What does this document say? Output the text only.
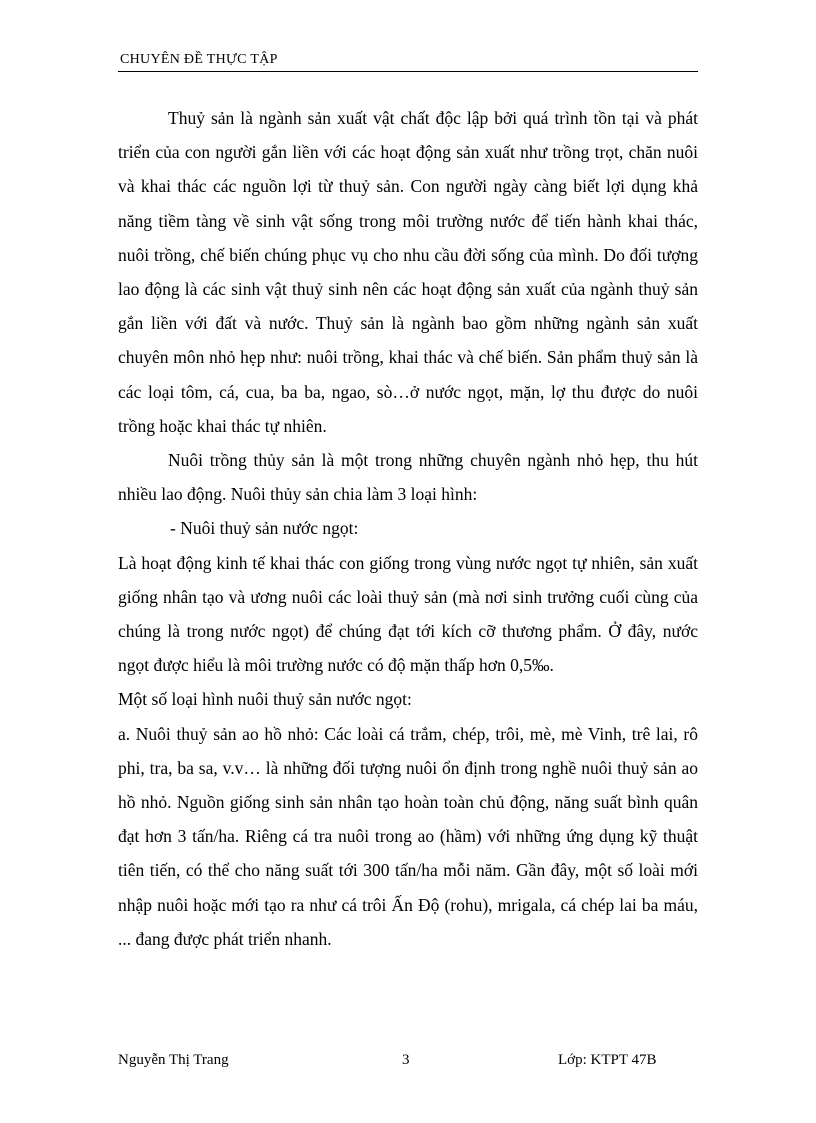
CHUYÊN ĐỀ THỰC TẬP

Thuỷ sản là ngành sản xuất vật chất độc lập bởi quá trình tồn tại và phát triển của con người gắn liền với các hoạt động sản xuất như trồng trọt, chăn nuôi và khai thác các nguồn lợi từ thuỷ sản. Con người ngày càng biết lợi dụng khả năng tiềm tàng về sinh vật sống trong môi trường nước để tiến hành khai thác, nuôi trồng, chế biến chúng phục vụ cho nhu cầu đời sống của mình. Do đối tượng lao động là các sinh vật thuỷ sinh nên các hoạt động sản xuất của ngành thuỷ sản gắn liền với đất và nước. Thuỷ sản là ngành bao gồm những ngành sản xuất chuyên môn nhỏ hẹp như: nuôi trồng, khai thác và chế biến. Sản phẩm thuỷ sản là các loại tôm, cá, cua, ba ba, ngao, sò…ở nước ngọt, mặn, lợ thu được do nuôi trồng hoặc khai thác tự nhiên.

Nuôi trồng thủy sản là một trong những chuyên ngành nhỏ hẹp, thu hút nhiều lao động. Nuôi thủy sản chia làm 3 loại hình:

- Nuôi thuỷ sản nước ngọt:

Là hoạt động kinh tế khai thác con giống trong vùng nước ngọt tự nhiên, sản xuất giống nhân tạo và ương nuôi các loài thuỷ sản (mà nơi sinh trưởng cuối cùng của chúng là trong nước ngọt) để chúng đạt tới kích cỡ thương phẩm. Ở đây, nước ngọt được hiểu là môi trường nước có độ mặn thấp hơn 0,5‰.

Một số loại hình nuôi thuỷ sản nước ngọt:

a. Nuôi thuỷ sản ao hồ nhỏ: Các loài cá trắm, chép, trôi, mè, mè Vinh, trê lai, rô phi, tra, ba sa, v.v… là những đối tượng nuôi ổn định trong nghề nuôi thuỷ sản ao hồ nhỏ. Nguồn giống sinh sản nhân tạo hoàn toàn chủ động, năng suất bình quân đạt hơn 3 tấn/ha. Riêng cá tra nuôi trong ao (hầm) với những ứng dụng kỹ thuật tiên tiến, có thể cho năng suất tới 300 tấn/ha mỗi năm. Gần đây, một số loài mới nhập nuôi hoặc mới tạo ra như cá trôi Ấn Độ (rohu), mrigala, cá chép lai ba máu, ... đang được phát triển nhanh.

Nguyễn Thị Trang	3	Lớp: KTPT 47B
